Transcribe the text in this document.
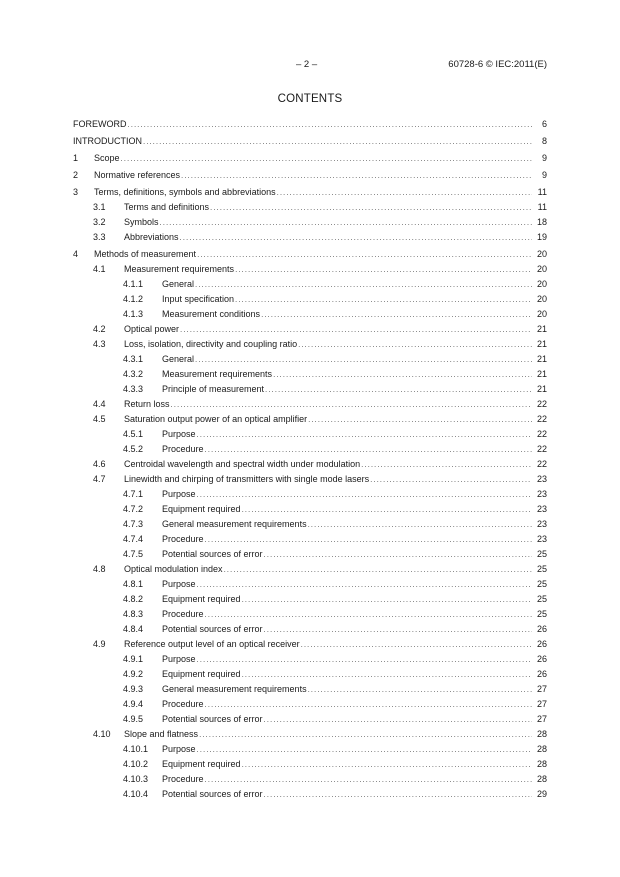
– 2 –	60728-6 © IEC:2011(E)
CONTENTS
FOREWORD .....	6
INTRODUCTION .....	8
1	Scope .....	9
2	Normative references .....	9
3	Terms, definitions, symbols and abbreviations .....	11
3.1	Terms and definitions .....	11
3.2	Symbols .....	18
3.3	Abbreviations .....	19
4	Methods of measurement .....	20
4.1	Measurement requirements .....	20
4.1.1	General .....	20
4.1.2	Input specification .....	20
4.1.3	Measurement conditions .....	20
4.2	Optical power .....	21
4.3	Loss, isolation, directivity and coupling ratio .....	21
4.3.1	General .....	21
4.3.2	Measurement requirements .....	21
4.3.3	Principle of measurement .....	21
4.4	Return loss .....	22
4.5	Saturation output power of an optical amplifier .....	22
4.5.1	Purpose .....	22
4.5.2	Procedure .....	22
4.6	Centroidal wavelength and spectral width under modulation .....	22
4.7	Linewidth and chirping of transmitters with single mode lasers .....	23
4.7.1	Purpose .....	23
4.7.2	Equipment required .....	23
4.7.3	General measurement requirements .....	23
4.7.4	Procedure .....	23
4.7.5	Potential sources of error .....	25
4.8	Optical modulation index .....	25
4.8.1	Purpose .....	25
4.8.2	Equipment required .....	25
4.8.3	Procedure .....	25
4.8.4	Potential sources of error .....	26
4.9	Reference output level of an optical receiver .....	26
4.9.1	Purpose .....	26
4.9.2	Equipment required .....	26
4.9.3	General measurement requirements .....	27
4.9.4	Procedure .....	27
4.9.5	Potential sources of error .....	27
4.10	Slope and flatness .....	28
4.10.1	Purpose .....	28
4.10.2	Equipment required .....	28
4.10.3	Procedure .....	28
4.10.4	Potential sources of error .....	29
